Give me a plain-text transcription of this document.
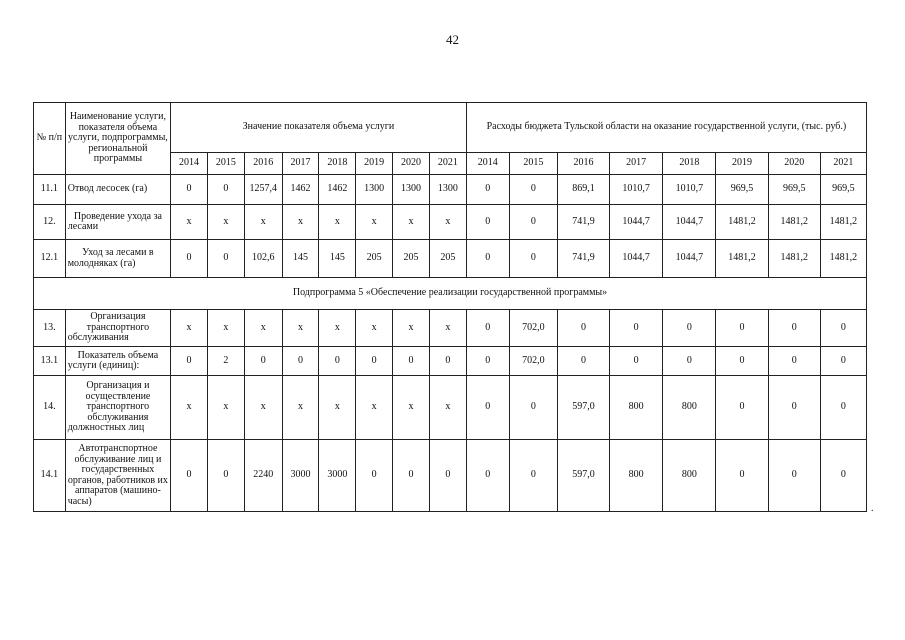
42
№ п/п	Наименование услуги, показателя объема услуги, подпрограммы, региональной программы	Значение показателя объема услуги								Расходы бюджета Тульской области на оказание государственной услуги, (тыс. руб.)							
		2014	2015	2016	2017	2018	2019	2020	2021	2014	2015	2016	2017	2018	2019	2020	2021
11.1	Отвод лесосек (га)	0	0	1257,4	1462	1462	1300	1300	1300	0	0	869,1	1010,7	1010,7	969,5	969,5	969,5
12.	Проведение ухода за лесами	х	х	х	х	х	х	х	х	0	0	741,9	1044,7	1044,7	1481,2	1481,2	1481,2
12.1	Уход за лесами в молодняках (га)	0	0	102,6	145	145	205	205	205	0	0	741,9	1044,7	1044,7	1481,2	1481,2	1481,2
Подпрограмма 5 «Обеспечение реализации государственной программы»																	
13.	Организация транспортного обслуживания	х	х	х	х	х	х	х	х	0	702,0	0	0	0	0	0	0
13.1	Показатель объема услуги (единиц):	0	2	0	0	0	0	0	0	0	702,0	0	0	0	0	0	0
14.	Организация и осуществление транспортного обслуживания должностных лиц	х	х	х	х	х	х	х	х	0	0	597,0	800	800	0	0	0
14.1	Автотранспортное обслуживание лиц и государственных органов, работников их аппаратов (машино-часы)	0	0	2240	3000	3000	0	0	0	0	0	597,0	800	800	0	0	0
.
